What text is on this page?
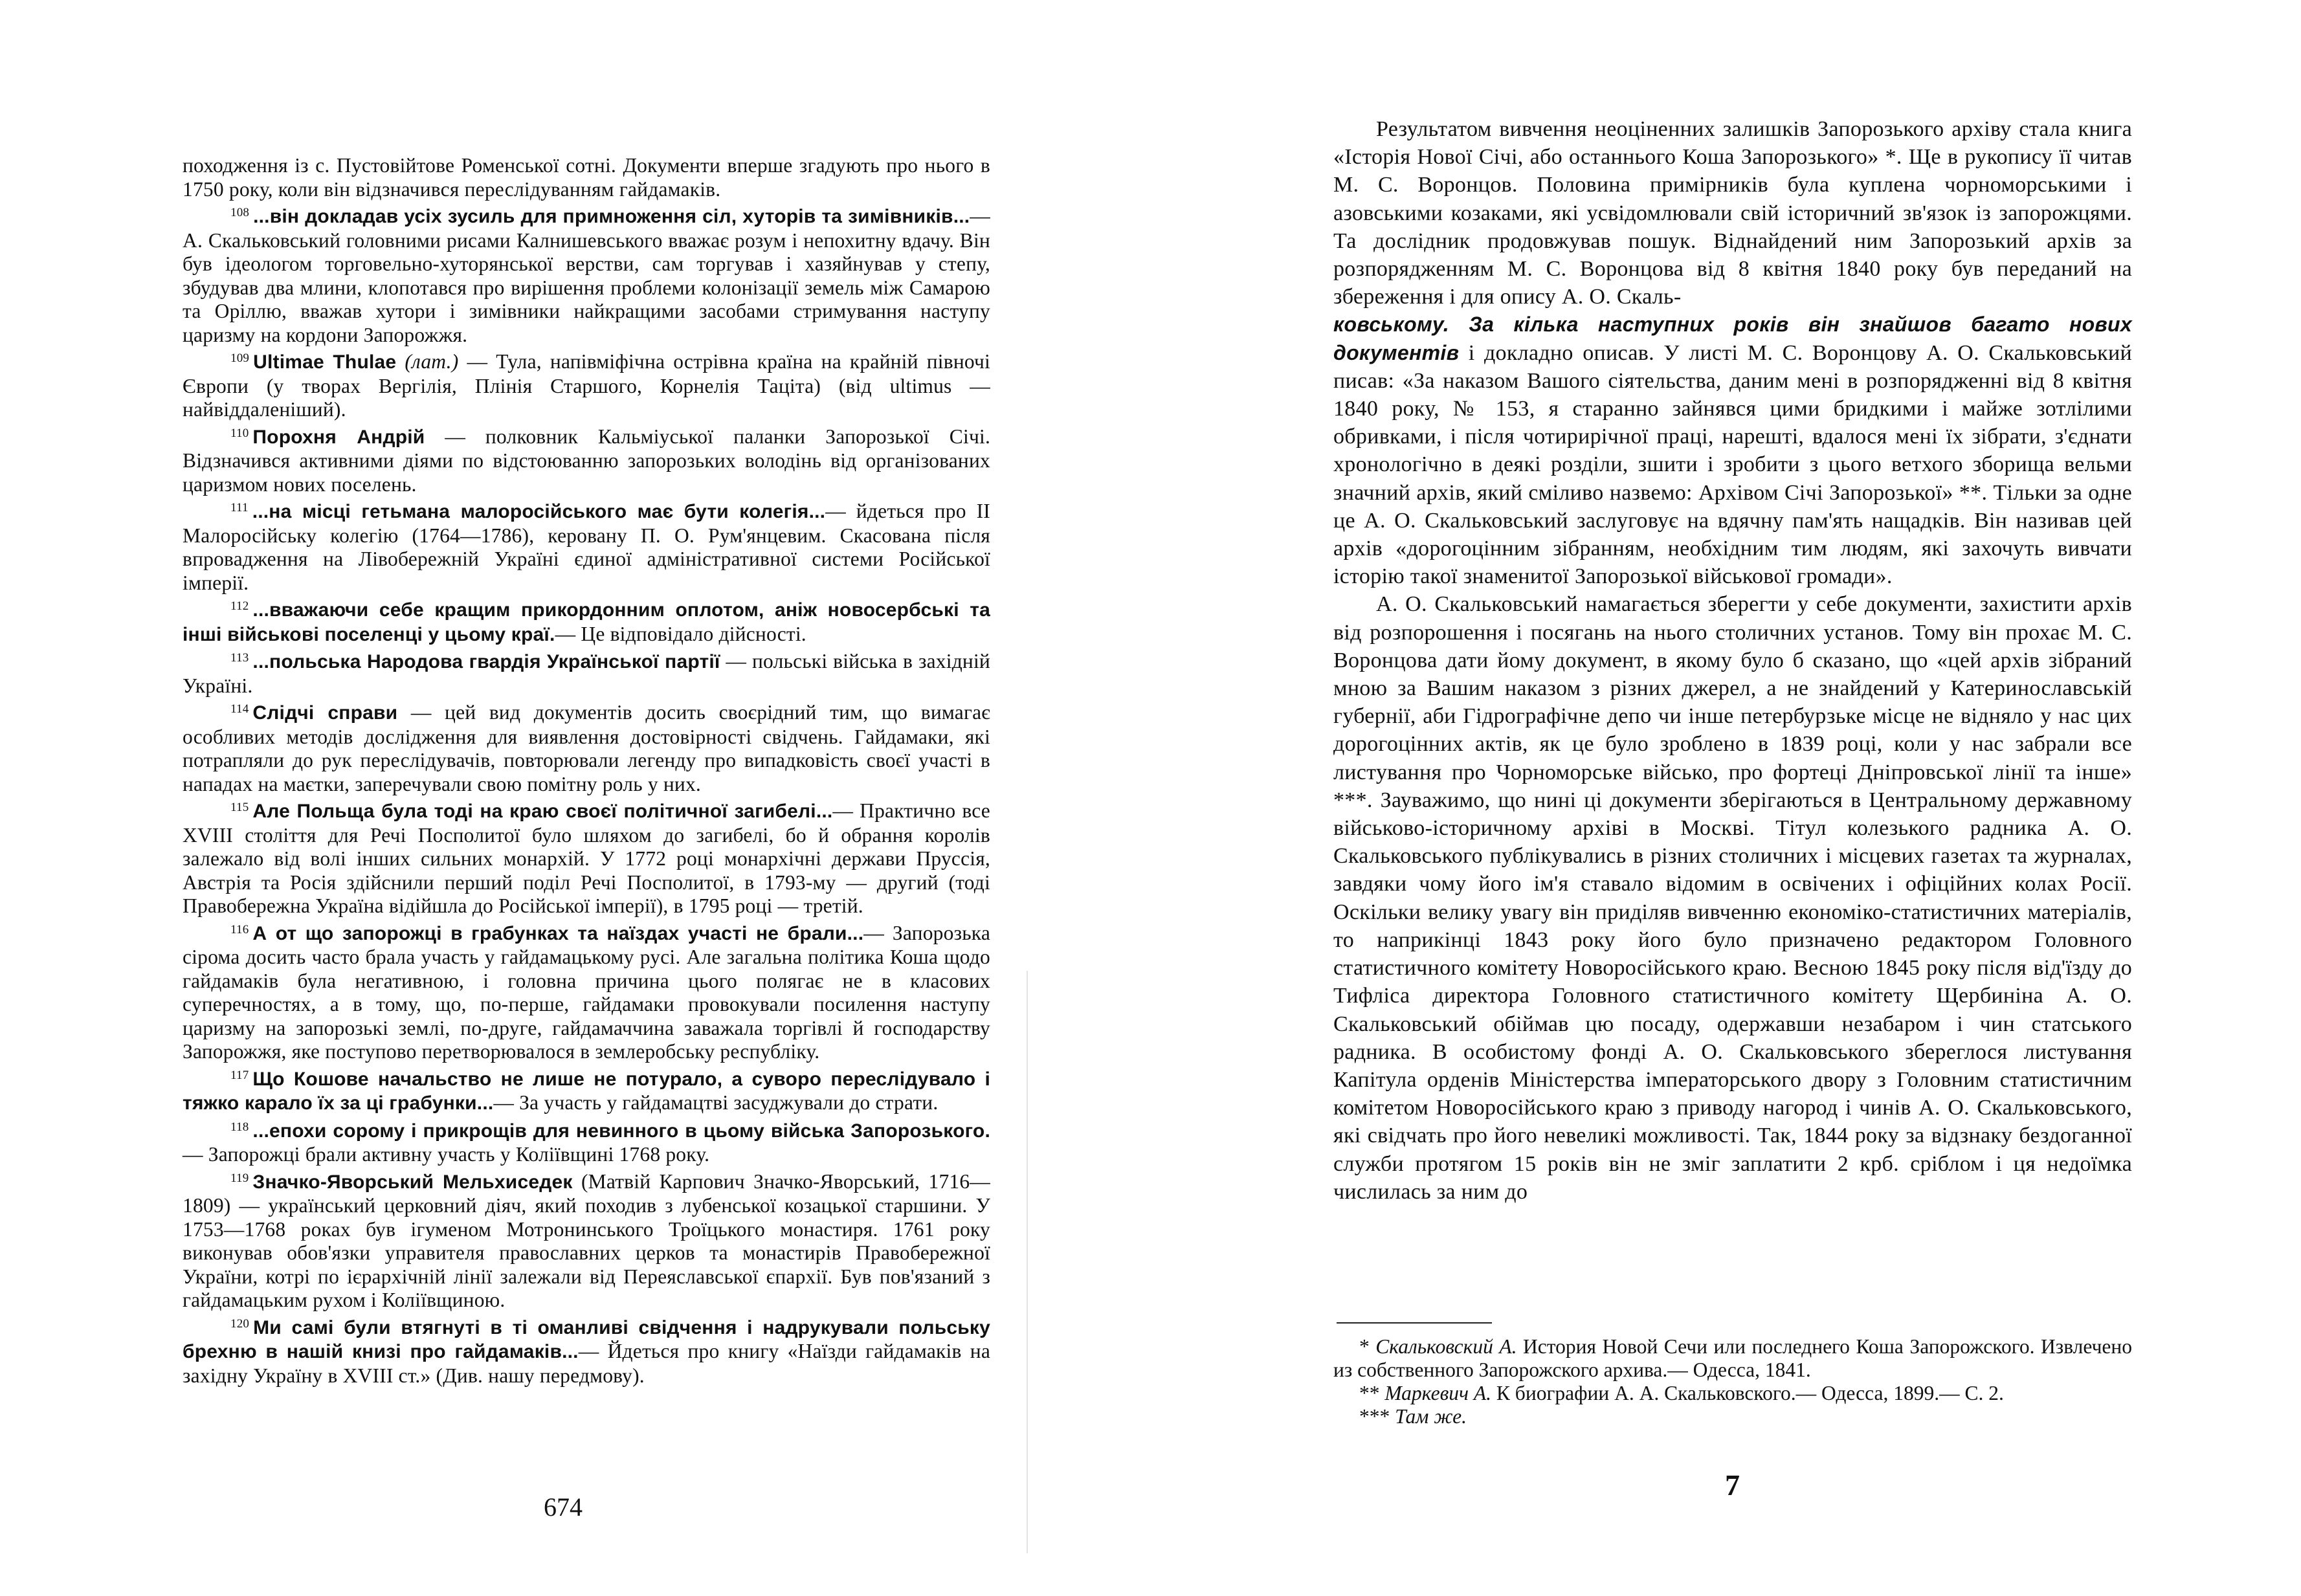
походження із с. Пустовійтове Роменської сотні. Документи вперше згадують про нього в 1750 року, коли він відзначився переслідуванням гайдамаків.

$^{108}$ ...він докладав усіх зусиль для примноження сіл, хуторів та зимівників...— А. Скальковський головними рисами Калнишевського вважає розум і непохитну вдачу. Він був ідеологом торговельно-хуторянської верстви, сам торгував і хазяйнував у степу, збудував два млини, клопотався про вирішення проблеми колонізації земель між Самарою та Оріллю, вважав хутори і зимівники найкращими засобами стримування наступу царизму на кордони Запорожжя.

$^{109}$ Ultimae Thulae (лат.) — Тула, напівміфічна острівна країна на крайній півночі Європи (у творах Вергілія, Плінія Старшого, Корнелія Таціта) (від ultimus — найвіддаленіший).

$^{110}$ Порохня Андрій — полковник Кальміуської паланки Запорозької Січі. Відзначився активними діями по відстоюванню запорозьких володінь від організованих царизмом нових поселень.

$^{111}$ ...на місці гетьмана малоросійського має бути колегія...— йдеться про II Малоросійську колегію (1764—1786), керовану П. О. Рум'янцевим. Скасована після впровадження на Лівобережній Україні єдиної адміністративної системи Російської імперії.

$^{112}$ ...вважаючи себе кращим прикордонним оплотом, аніж новосербські та інші військові поселенці у цьому краї.— Це відповідало дійсності.

$^{113}$ ...польська Народова гвардія Української партії — польські війська в західній Україні.

$^{114}$ Слідчі справи — цей вид документів досить своєрідний тим, що вимагає особливих методів дослідження для виявлення достовірності свідчень. Гайдамаки, які потрапляли до рук переслідувачів, повторювали легенду про випадковість своєї участі в нападах на маєтки, заперечували свою помітну роль у них.

$^{115}$ Але Польща була тоді на краю своєї політичної загибелі...— Практично все XVIII століття для Речі Посполитої було шляхом до загибелі, бо й обрання королів залежало від волі інших сильних монархій. У 1772 році монархічні держави Пруссія, Австрія та Росія здійснили перший поділ Речі Посполитої, в 1793-му — другий (тоді Правобережна Україна відійшла до Російської імперії), в 1795 році — третій.

$^{116}$ А от що запорожці в грабунках та наїздах участі не брали...— Запорозька сірома досить часто брала участь у гайдамацькому русі. Але загальна політика Коша щодо гайдамаків була негативною, і головна причина цього полягає не в класових суперечностях, а в тому, що, по-перше, гайдамаки провокували посилення наступу царизму на запорозькі землі, по-друге, гайдамаччина заважала торгівлі й господарству Запорожжя, яке поступово перетворювалося в землеробську республіку.

$^{117}$ Що Кошове начальство не лише не потурало, а суворо переслідувало і тяжко карало їх за ці грабунки...— За участь у гайдамацтві засуджували до страти.

$^{118}$ ...епохи сорому і прикрощів для невинного в цьому війська Запорозького.— Запорожці брали активну участь у Коліївщині 1768 року.

$^{119}$ Значко-Яворський Мельхиседек (Матвій Карпович Значко-Яворський, 1716—1809) — український церковний діяч, який походив з лубенської козацької старшини. У 1753—1768 роках був ігуменом Мотронинського Троїцького монастиря. 1761 року виконував обов'язки управителя православних церков та монастирів Правобережної України, котрі по ієрархічній лінії залежали від Переяславської єпархії. Був пов'язаний з гайдамацьким рухом і Коліївщиною.

$^{120}$ Ми самі були втягнуті в ті оманливі свідчення і надрукували польську брехню в нашій книзі про гайдамаків...— Йдеться про книгу «Наїзди гайдамаків на західну Україну в XVIII ст.» (Див. нашу передмову).

674

Результатом вивчення неоціненних залишків Запорозького архіву стала книга «Історія Нової Січі, або останнього Коша Запорозького» *. Ще в рукопису її читав М. С. Воронцов. Половина примірників була куплена чорноморськими і азовськими козаками, які усвідомлювали свій історичний зв'язок із запорожцями. Та дослідник продовжував пошук. Віднайдений ним Запорозький архів за розпорядженням М. С. Воронцова від 8 квітня 1840 року був переданий на збереження і для опису А. О. Скаль-
ковському. За кілька наступних років він знайшов багато нових документів і докладно описав. У листі М. С. Воронцову А. О. Скальковський писав: «За наказом Вашого сіятельства, даним мені в розпорядженні від 8 квітня 1840 року, № 153, я старанно зайнявся цими бридкими і майже зотлілими обривками, і після чотирирічної праці, нарешті, вдалося мені їх зібрати, з'єднати хронологічно в деякі розділи, зшити і зробити з цього ветхого зборища вельми значний архів, який сміливо назвемо: Архівом Січі Запорозької» **. Тільки за одне це А. О. Скальковський заслуговує на вдячну пам'ять нащадків. Він називав цей архів «дорогоцінним зібранням, необхідним тим людям, які захочуть вивчати історію такої знаменитої Запорозької військової громади».

А. О. Скальковський намагається зберегти у себе документи, захистити архів від розпорошення і посягань на нього столичних установ. Тому він прохає М. С. Воронцова дати йому документ, в якому було б сказано, що «цей архів зібраний мною за Вашим наказом з різних джерел, а не знайдений у Катеринославській губернії, аби Гідрографічне депо чи інше петербурзьке місце не відняло у нас цих дорогоцінних актів, як це було зроблено в 1839 році, коли у нас забрали все листування про Чорноморське військо, про фортеці Дніпровської лінії та інше» ***. Зауважимо, що нині ці документи зберігаються в Центральному державному військово-історичному архіві в Москві. Тітул колезького радника А. О. Скальковського публікувались в різних столичних і місцевих газетах та журналах, завдяки чому його ім'я ставало відомим в освічених і офіційних колах Росії. Оскільки велику увагу він приділяв вивченню економіко-статистичних матеріалів, то наприкінці 1843 року його було призначено редактором Головного статистичного комітету Новоросійського краю. Весною 1845 року після від'їзду до Тифліса директора Головного статистичного комітету Щербиніна А. О. Скальковський обіймав цю посаду, одержавши незабаром і чин статського радника. В особистому фонді А. О. Скальковського збереглося листування Капітула орденів Міністерства імператорського двору з Головним статистичним комітетом Новоросійського краю з приводу нагород і чинів А. О. Скальковського, які свідчать про його невеликі можливості. Так, 1844 року за відзнаку бездоганної служби протягом 15 років він не зміг заплатити 2 крб. сріблом і ця недоїмка числилась за ним до

* Скальковский А. История Новой Сечи или последнего Коша Запорожского. Извлечено из собственного Запорожского архива.— Одесса, 1841.

** Маркевич А. К биографии А. А. Скальковского.— Одесса, 1899.— С. 2.

*** Там же.

7
